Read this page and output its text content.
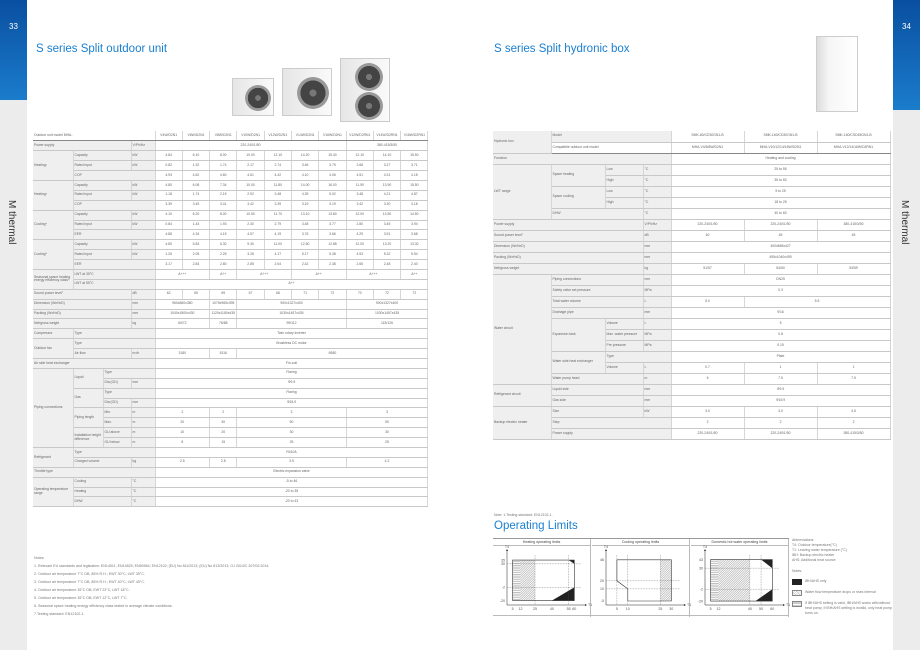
33
M thermal
34
M thermal
S series Split outdoor unit	S series Split hydronic box
Outdoor unit model MHA-				V4W/D2N1	V6W/D2N1	V8W/D2N1	V10W/D2N1	V12W/D2N1	V14W/D2N1	V16W/D2N1	V12W/D2RN1	V14W/D2RN1	V16W/D2RN1
Power supply			V/Ph/Hz	220-240/1/50							380-415/3/50		
Heating²	Capacity		kW	4.84	6.10	8.00	10.00	12.10	14.20	15.40	12.10	14.10	15.50
	Rated input		kW	0.82	1.32	1.74	2.17	2.74	3.46	3.79	2.68	3.27	3.71
	COP			4.93	4.62	4.60	4.61	4.42	4.10	4.06	4.51	4.31	4.18
Heating³	Capacity		kW	4.80	6.08	7.34	10.00	11.80	14.00	16.00	11.90	13.90	15.50
	Rated input		kW	1.18	1.74	2.15	2.92	3.48	4.39	5.02	3.48	4.21	4.87
	COP			3.39	3.45	3.41	3.42	3.39	3.19	3.19	3.42	3.30	3.18
Cooling⁴	Capacity		kW	4.10	6.20	8.00	10.50	11.70	13.10	13.80	12.00	13.50	14.50
	Rated input		kW	0.84	1.43	1.93	2.30	2.79	3.48	3.77	2.80	3.45	3.94
	EER			4.88	4.34	4.15	4.57	4.19	3.76	3.66	4.29	3.91	3.68
Cooling⁵	Capacity		kW	4.80	5.83	6.30	9.30	11.00	12.50	12.88	12.00	13.20	13.30
	Rated input		kW	1.26	2.05	2.25	3.26	4.17	5.17	5.38	4.53	5.32	5.54
	EER			3.17	2.84	2.80	2.85	2.64	2.42	2.38	2.65	2.48	2.40
Seasonal space heating energy efficiency class⁶	LWT at 35°C			A+++		A++	A+++		A++		A+++		A++
	LWT at 55°C			A++									
Sound power level⁷			dB	62	65	69	67	68	71	72	70	72	72
Dimension (WxHxD)			mm	960x860x380		1075x965x395	900x1327x400				900x1327x400		
Packing (WxHxD)			mm	1040x1800x430		1120x1180x435	1030x1457x435				1030x1457x435		
Net/gross weight			kg	60/72		76/88	99/112				115/126		
Compressor	Type			Twin rotary inverter									
Outdoor fan	Type			Brushless DC motor									
	Air flow		m³/h	3180		5116	6580						
Air side heat exchanger				Fin-coil									
Piping connections	Liquid	Type		Flaring									
		Dia.(OD)	mm	Φ9.5									
	Gas	Type		Flaring									
		Dia.(OD)	mm	Φ15.9									
	Piping length	Min.	m	2		2	3				3		
		Max.	m	20		30	50				50		
	Installation height difference	OU above	m	10		20	30				30		
		OU below	m	8		15	25				25		
Refrigerant	Type			R410A									
	Charged volume		kg	2.5		2.8	3.9				4.2		
Throttle type				Electric expansion valve									
Operating temperature range	Cooling		°C	-5 to 46									
	Heating		°C	-20 to 35									
	DHW		°C	-20 to 43									
Hydronic box	Model			SMK-80/CD30GN1-B	SMK-160/CD30GN1-B	SMK-160/CSD45GN1-B
	Compatible outdoor unit model			MHA-V4/6/8W/D2N1	MHA-V10/12/14/16W/D2N1	MHA-V12/14/16W/D2RN1
Function				Heating and cooling		
LWT range	Space heating	Low	°C	25 to 55		
		High	°C	35 to 60		
	Space cooling	Low	°C	5 to 25		
		High	°C	18 to 25		
	DHW		°C	40 to 60		
Power supply			V/Ph/Hz	220-240/1/50	220-240/1/50	380-415/3/50
Sound power level⁷			dB	40	45	45
Dimension (WxHxD)			mm	400x865x427		
Packing (WxHxD)			mm	495x1040x495		
Net/gross weight			kg	51/57	54/60	53/59
Water circuit	Piping connections		mm	DN25		
	Safety valve set pressure		MPa	0.3		
	Total water volume		L	5.0	5.5	
	Drainage pipe		mm	Φ16		
	Expansion tank	Volume	L	5		
		Max. water pressure	MPa	0.8		
		Pre pressure	MPa	0.15		
	Water side heat exchanger	Type		Plate		
		Volume	L	0.7	1	1
	Water pump head		m	6	7.5	7.5
Refrigerant circuit	Liquid side		mm	Φ9.5		
	Gas side		mm	Φ15.9		
Backup electric heater	Size		kW	3.0	3.0	4.5
	Step			2	2	2
	Power supply			220-240/1/50	220-240/1/50	380-415/3/50
Notes:
1. Relevant EU standards and legislation: EN14511; EN14825; EN50564; EN12102; (EU) No 811/2013; (EU) No 813/2013; OJ 2014/C 207/02:2014.
2. Outdoor air temperature 7°C DB, 85% R.H.; EWT 30°C, LWT 35°C.
3. Outdoor air temperature 7°C DB, 85% R.H.; EWT 40°C, LWT 45°C.
4. Outdoor air temperature 35°C DB; EWT 23°C, LWT 18°C.
5. Outdoor air temperature 35°C DB; EWT 12°C, LWT 7°C.
6. Seasonal space heating energy efficiency class tested in average climate conditions.
7.Testing standard: EN12102-1.
Note: 1.Testing standard: EN12102-1.
Operating Limits
Heating operating limits
T1
T4
5 12	25	40	55 60
35
30
-2
-20
Cooling operating limits
T1
T4
5 10	25 30
46
20
10
-5
Domestic hot water operating limits
T1
T4
5 12	40 50 60
43
30
-2
-20
Abbreviations:
T4: Outdoor temperature(°C)
T1: Leaving water temperature (°C)
IBH: Backup electric heater
AHS: Additional heat source
Notes:
IBH/AHS only
Water flow temperature drops or rises interval
If IBH/AHS setting is valid, IBH/AHS works with/without heat pump; If IBH/AHS setting is invalid, only heat pump turns on.
